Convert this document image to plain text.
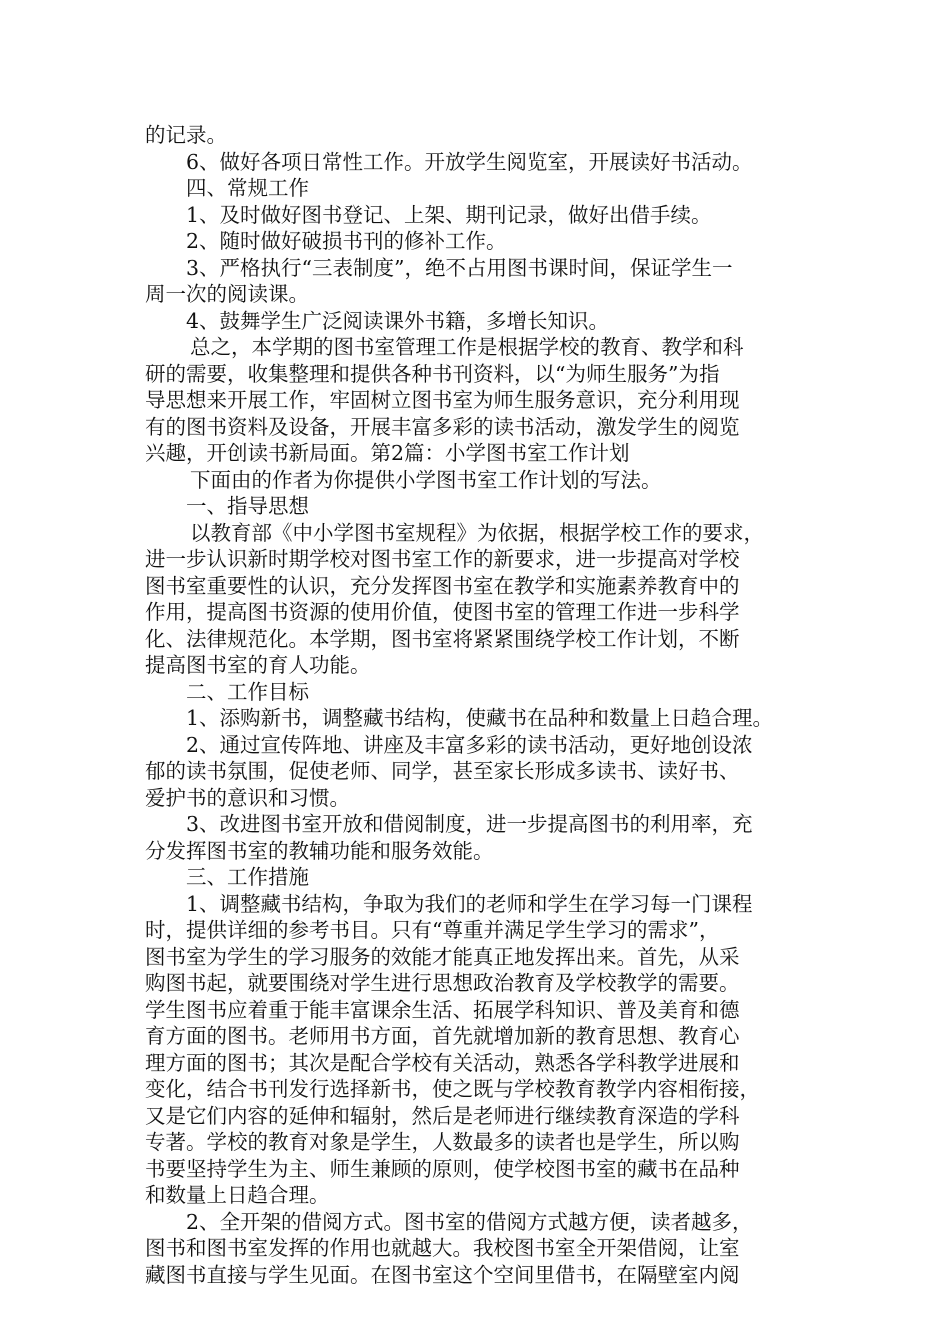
的记录。
6、做好各项日常性工作。开放学生阅览室，开展读好书活动。
四、常规工作
1、及时做好图书登记、上架、期刊记录，做好出借手续。
2、随时做好破损书刊的修补工作。
3、严格执行“三表制度”，绝不占用图书课时间，保证学生一
周一次的阅读课。
4、鼓舞学生广泛阅读课外书籍，多增长知识。
总之，本学期的图书室管理工作是根据学校的教育、教学和科
研的需要，收集整理和提供各种书刊资料，以“为师生服务”为指
导思想来开展工作，牢固树立图书室为师生服务意识，充分利用现
有的图书资料及设备，开展丰富多彩的读书活动，激发学生的阅览
兴趣，开创读书新局面。第2篇：小学图书室工作计划
下面由的作者为你提供小学图书室工作计划的写法。
一、指导思想
以教育部《中小学图书室规程》为依据，根据学校工作的要求，
进一步认识新时期学校对图书室工作的新要求，进一步提高对学校
图书室重要性的认识，充分发挥图书室在教学和实施素养教育中的
作用，提高图书资源的使用价值，使图书室的管理工作进一步科学
化、法律规范化。本学期，图书室将紧紧围绕学校工作计划，不断
提高图书室的育人功能。
二、工作目标
1、添购新书，调整藏书结构，使藏书在品种和数量上日趋合理。
2、通过宣传阵地、讲座及丰富多彩的读书活动，更好地创设浓
郁的读书氛围，促使老师、同学，甚至家长形成多读书、读好书、
爱护书的意识和习惯。
3、改进图书室开放和借阅制度，进一步提高图书的利用率，充
分发挥图书室的教辅功能和服务效能。
三、工作措施
1、调整藏书结构，争取为我们的老师和学生在学习每一门课程
时，提供详细的参考书目。只有“尊重并满足学生学习的需求”，
图书室为学生的学习服务的效能才能真正地发挥出来。首先，从采
购图书起，就要围绕对学生进行思想政治教育及学校教学的需要。
学生图书应着重于能丰富课余生活、拓展学科知识、普及美育和德
育方面的图书。老师用书方面，首先就增加新的教育思想、教育心
理方面的图书；其次是配合学校有关活动，熟悉各学科教学进展和
变化，结合书刊发行选择新书，使之既与学校教育教学内容相衔接，
又是它们内容的延伸和辐射，然后是老师进行继续教育深造的学科
专著。学校的教育对象是学生，人数最多的读者也是学生，所以购
书要坚持学生为主、师生兼顾的原则，使学校图书室的藏书在品种
和数量上日趋合理。
2、全开架的借阅方式。图书室的借阅方式越方便，读者越多，
图书和图书室发挥的作用也就越大。我校图书室全开架借阅，让室
藏图书直接与学生见面。在图书室这个空间里借书，在隔壁室内阅
